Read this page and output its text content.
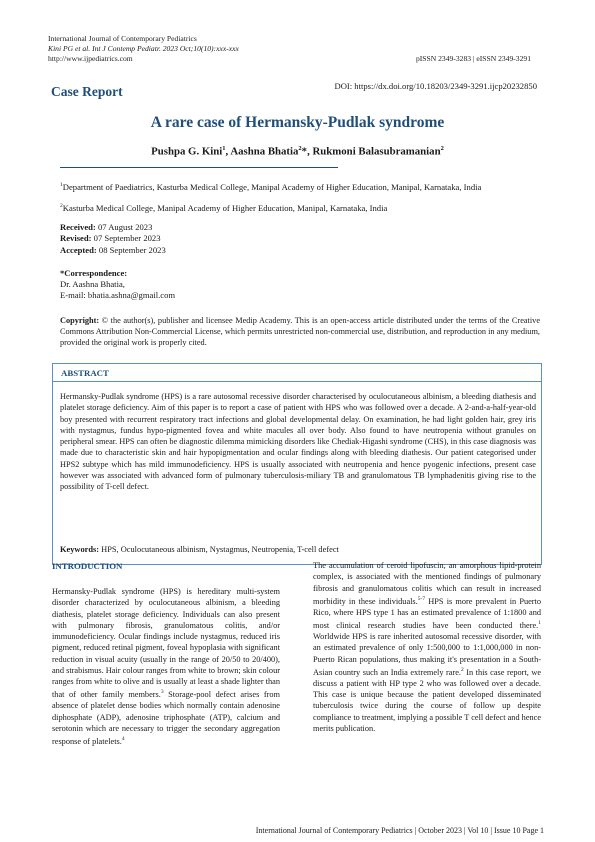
International Journal of Contemporary Pediatrics
Kini PG et al. Int J Contemp Pediatr. 2023 Oct;10(10):xxx-xxx
http://www.ijpediatrics.com	pISSN 2349-3283 | eISSN 2349-3291
Case Report	DOI: https://dx.doi.org/10.18203/2349-3291.ijcp20232850
A rare case of Hermansky-Pudlak syndrome
Pushpa G. Kini$^1$, Aashna Bhatia$^2$*, Rukmoni Balasubramanian$^2$
$^1$Department of Paediatrics, Kasturba Medical College, Manipal Academy of Higher Education, Manipal, Karnataka, India
$^2$Kasturba Medical College, Manipal Academy of Higher Education, Manipal, Karnataka, India
Received: 07 August 2023
Revised: 07 September 2023
Accepted: 08 September 2023
*Correspondence:
Dr. Aashna Bhatia,
E-mail: bhatia.ashna@gmail.com
Copyright: © the author(s), publisher and licensee Medip Academy. This is an open-access article distributed under the terms of the Creative Commons Attribution Non-Commercial License, which permits unrestricted non-commercial use, distribution, and reproduction in any medium, provided the original work is properly cited.
ABSTRACT
Hermansky-Pudlak syndrome (HPS) is a rare autosomal recessive disorder characterised by oculocutaneous albinism, a bleeding diathesis and platelet storage deficiency. Aim of this paper is to report a case of patient with HPS who was followed over a decade. A 2-and-a-half-year-old boy presented with recurrent respiratory tract infections and global developmental delay. On examination, he had light golden hair, grey iris with nystagmus, fundus hypo-pigmented fovea and white macules all over body. Also found to have neutropenia without granules on peripheral smear. HPS can often be diagnostic dilemma mimicking disorders like Chediak-Higashi syndrome (CHS), in this case diagnosis was made due to characteristic skin and hair hypopigmentation and ocular findings along with bleeding diathesis. Our patient categorised under HPS2 subtype which has mild immunodeficiency. HPS is usually associated with neutropenia and hence pyogenic infections, present case however was associated with advanced form of pulmonary tuberculosis-miliary TB and granulomatous TB lymphadenitis giving rise to the possibility of T-cell defect.
Keywords: HPS, Oculocutaneous albinism, Nystagmus, Neutropenia, T-cell defect
INTRODUCTION
Hermansky-Pudlak syndrome (HPS) is hereditary multi-system disorder characterized by oculocutaneous albinism, a bleeding diathesis, platelet storage deficiency. Individuals can also present with pulmonary fibrosis, granulomatous colitis, and/or immunodeficiency. Ocular findings include nystagmus, reduced iris pigment, reduced retinal pigment, foveal hypoplasia with significant reduction in visual acuity (usually in the range of 20/50 to 20/400), and strabismus. Hair colour ranges from white to brown; skin colour ranges from white to olive and is usually at least a shade lighter than that of other family members.$^3$ Storage-pool defect arises from absence of platelet dense bodies which normally contain adenosine diphosphate (ADP), adenosine triphosphate (ATP), calcium and serotonin which are necessary to trigger the secondary aggregation response of platelets.$^4$
The accumulation of ceroid lipofuscin, an amorphous lipid-protein complex, is associated with the mentioned findings of pulmonary fibrosis and granulomatous colitis which can result in increased morbidity in these individuals.$^{5-7}$ HPS is more prevalent in Puerto Rico, where HPS type 1 has an estimated prevalence of 1:1800 and most clinical research studies have been conducted there.$^1$ Worldwide HPS is rare inherited autosomal recessive disorder, with an estimated prevalence of only 1:500,000 to 1:1,000,000 in non-Puerto Rican populations, thus making it's presentation in a South-Asian country such an India extremely rare.$^2$ In this case report, we discuss a patient with HP type 2 who was followed over a decade. This case is unique because the patient developed disseminated tuberculosis twice during the course of follow up despite compliance to treatment, implying a possible T cell defect and hence merits publication.
International Journal of Contemporary Pediatrics | October 2023 | Vol 10 | Issue 10 Page 1
